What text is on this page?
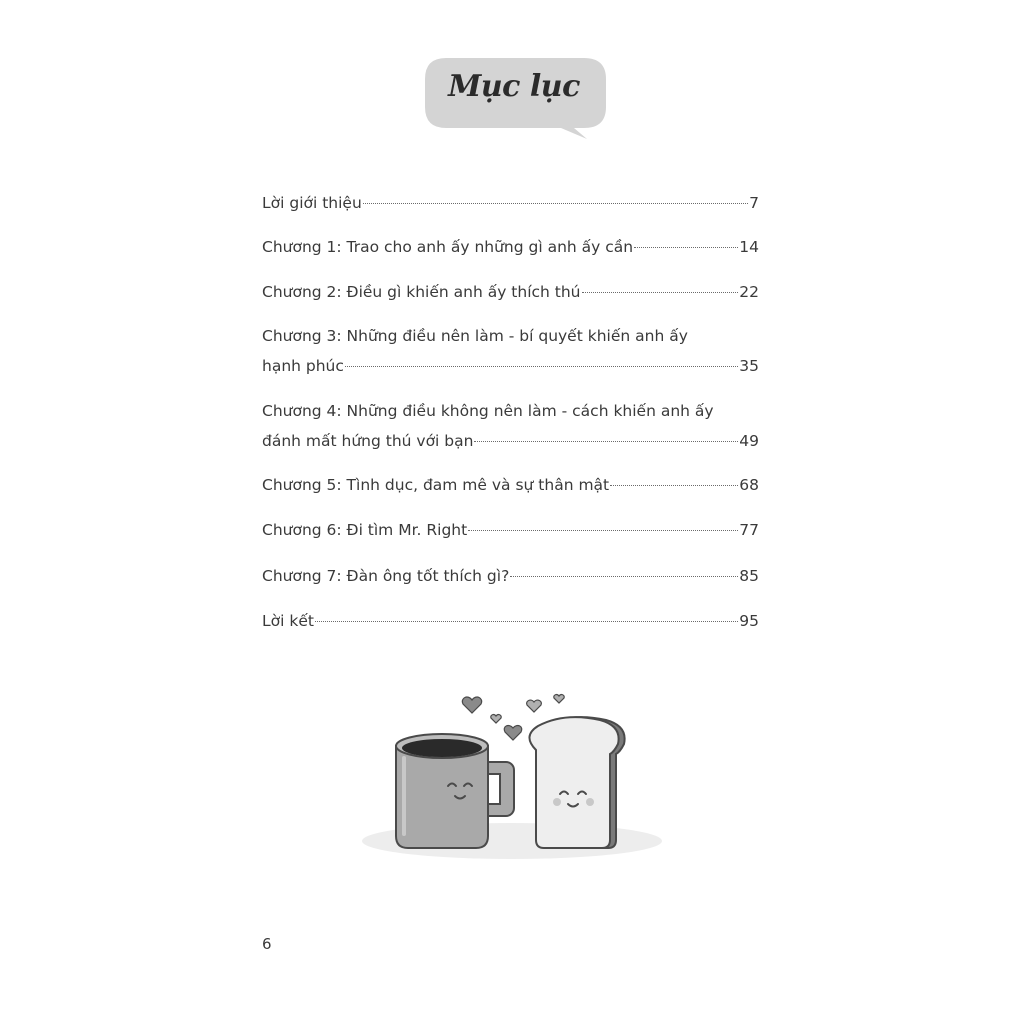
Mục lục
Lời giới thiệu	7
Chương 1: Trao cho anh ấy những gì anh ấy cần	14
Chương 2: Điều gì khiến anh ấy thích thú	22
Chương 3: Những điều nên làm - bí quyết khiến anh ấy
hạnh phúc	35
Chương 4: Những điều không nên làm - cách khiến anh ấy
đánh mất hứng thú với bạn	49
Chương 5: Tình dục, đam mê và sự thân mật	68
Chương 6: Đi tìm Mr. Right	77
Chương 7: Đàn ông tốt thích gì?	85
Lời kết	95
6
